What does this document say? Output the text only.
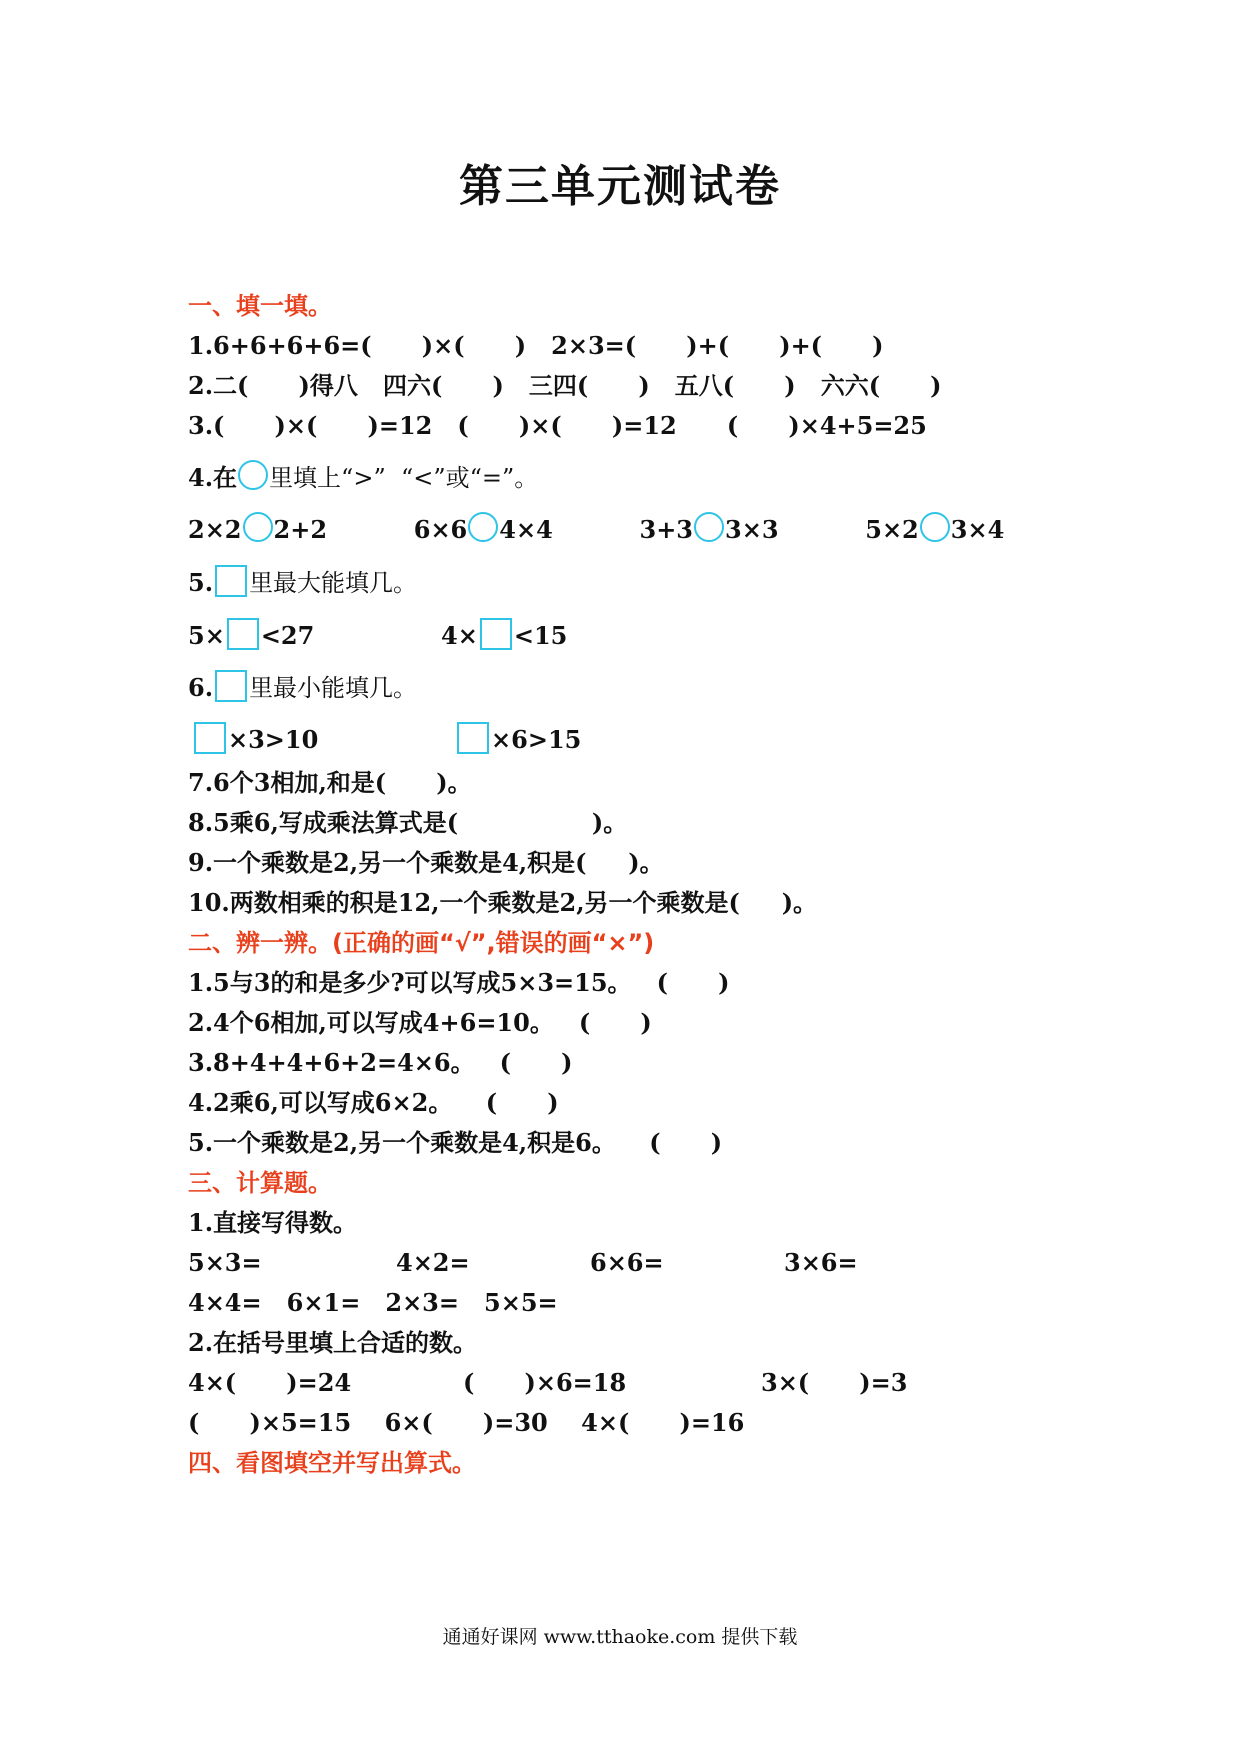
第三单元测试卷
一、填一填。
1.6+6+6+6=(      )×(      )   2×3=(      )+(      )+(      )
2.二(      )得八   四六(      )   三四(      )   五八(      )   六六(      )
3.(      )×(      )=12   (      )×(      )=12      (      )×4+5=25
4.在 里填上“>”  “<”或“=”。
2×2 2+2	6×6 4×4	3+3 3×3	5×2 3×4
5. 里最大能填几。
5× <27	4× <15
6. 里最小能填几。
×3>10	×6>15
7.6个3相加,和是(      )。
8.5乘6,写成乘法算式是(                )。
9.一个乘数是2,另一个乘数是4,积是(     )。
10.两数相乘的积是12,一个乘数是2,另一个乘数是(     )。
二、辨一辨。(正确的画“√”,错误的画“×”)
1.5与3的和是多少?可以写成5×3=15。   (      )
2.4个6相加,可以写成4+6=10。   (      )
3.8+4+4+6+2=4×6。   (      )
4.2乘6,可以写成6×2。    (      )
5.一个乘数是2,另一个乘数是4,积是6。    (      )
三、计算题。
1.直接写得数。
5×3=	4×2=	6×6=	3×6=
4×4=   6×1=   2×3=   5×5=
2.在括号里填上合适的数。
4×(      )=24	(      )×6=18	3×(      )=3
(      )×5=15    6×(      )=30    4×(      )=16
四、看图填空并写出算式。
通通好课网 www.tthaoke.com 提供下载
